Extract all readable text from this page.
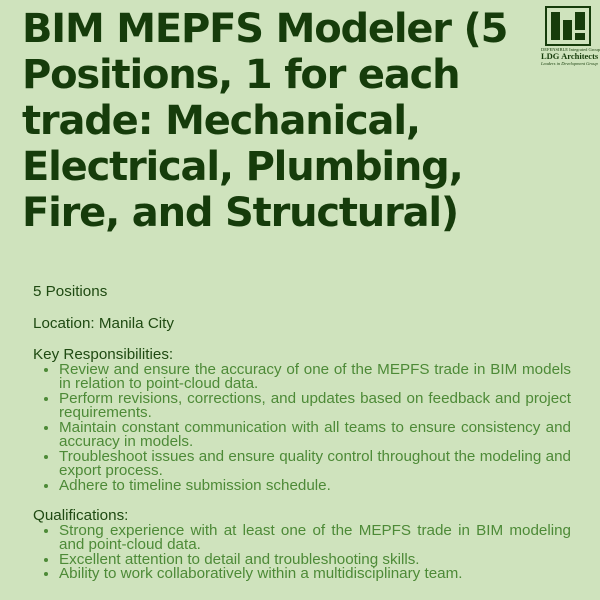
BIM MEPFS Modeler (5 Positions, 1 for each trade: Mechanical, Electrical, Plumbing, Fire, and Structural)
DEFENSIBLE Integrated Group
LDG Architects
Leaders in Development Group

5 Positions

Location: Manila City

Key Responsibilities:

• Review and ensure the accuracy of one of the MEPFS trade in BIM models in relation to point-cloud data.
• Perform revisions, corrections, and updates based on feedback and project requirements.
• Maintain constant communication with all teams to ensure consistency and accuracy in models.
• Troubleshoot issues and ensure quality control throughout the modeling and export process.
• Adhere to timeline submission schedule.

Qualifications:

• Strong experience with at least one of the MEPFS trade in BIM modeling and point-cloud data.
• Excellent attention to detail and troubleshooting skills.
• Ability to work collaboratively within a multidisciplinary team.
